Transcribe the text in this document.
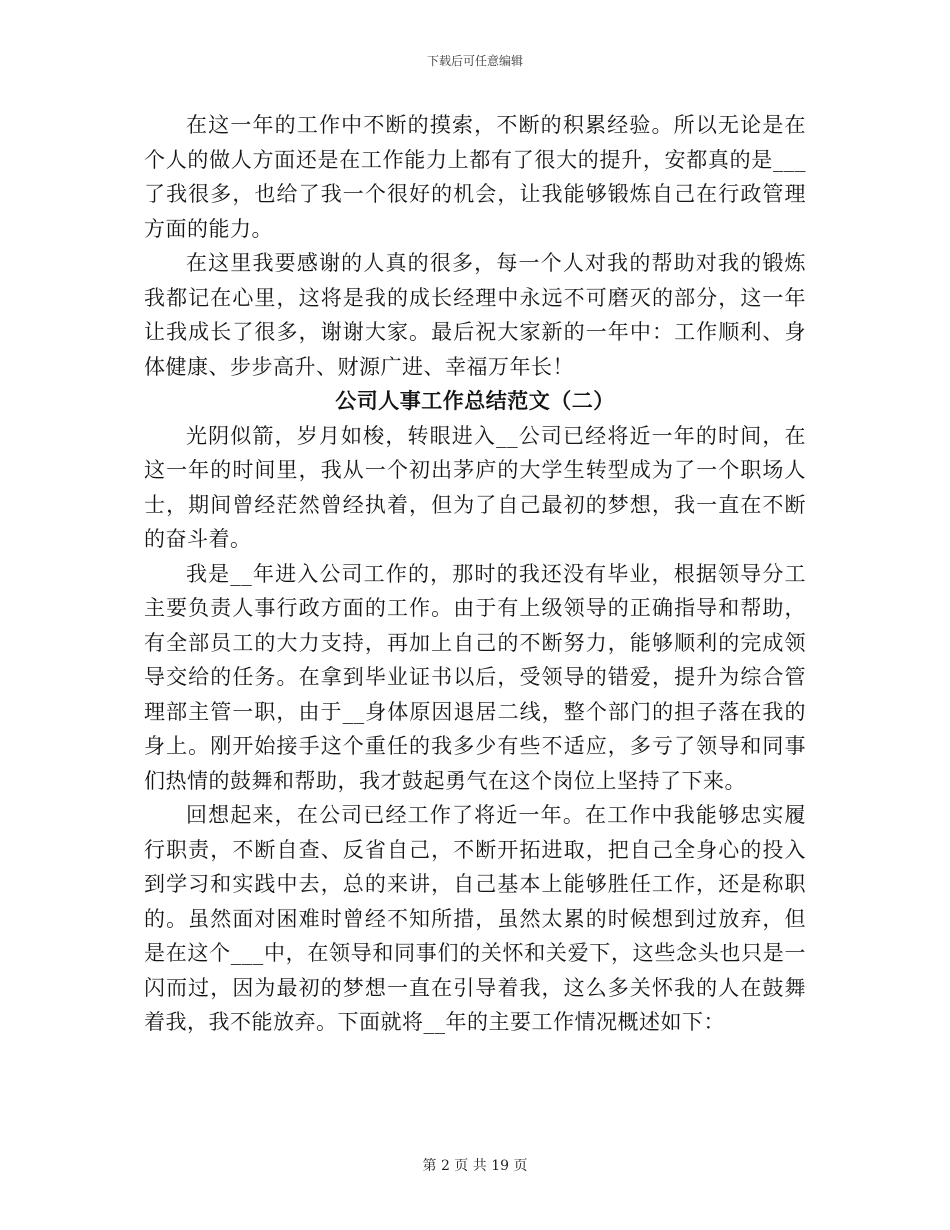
下载后可任意编辑

在这一年的工作中不断的摸索，不断的积累经验。所以无论是在个人的做人方面还是在工作能力上都有了很大的提升，安都真的是___了我很多，也给了我一个很好的机会，让我能够锻炼自己在行政管理方面的能力。

在这里我要感谢的人真的很多，每一个人对我的帮助对我的锻炼我都记在心里，这将是我的成长经理中永远不可磨灭的部分，这一年让我成长了很多，谢谢大家。最后祝大家新的一年中：工作顺利、身体健康、步步高升、财源广进、幸福万年长！

公司人事工作总结范文（二）

光阴似箭，岁月如梭，转眼进入__公司已经将近一年的时间，在这一年的时间里，我从一个初出茅庐的大学生转型成为了一个职场人士，期间曾经茫然曾经执着，但为了自己最初的梦想，我一直在不断的奋斗着。

我是__年进入公司工作的，那时的我还没有毕业，根据领导分工主要负责人事行政方面的工作。由于有上级领导的正确指导和帮助，有全部员工的大力支持，再加上自己的不断努力，能够顺利的完成领导交给的任务。在拿到毕业证书以后，受领导的错爱，提升为综合管理部主管一职，由于__身体原因退居二线，整个部门的担子落在我的身上。刚开始接手这个重任的我多少有些不适应，多亏了领导和同事们热情的鼓舞和帮助，我才鼓起勇气在这个岗位上坚持了下来。

回想起来，在公司已经工作了将近一年。在工作中我能够忠实履行职责，不断自查、反省自己，不断开拓进取，把自己全身心的投入到学习和实践中去，总的来讲，自己基本上能够胜任工作，还是称职的。虽然面对困难时曾经不知所措，虽然太累的时候想到过放弃，但是在这个___中，在领导和同事们的关怀和关爱下，这些念头也只是一闪而过，因为最初的梦想一直在引导着我，这么多关怀我的人在鼓舞着我，我不能放弃。下面就将__年的主要工作情况概述如下：

第 2 页 共 19 页
